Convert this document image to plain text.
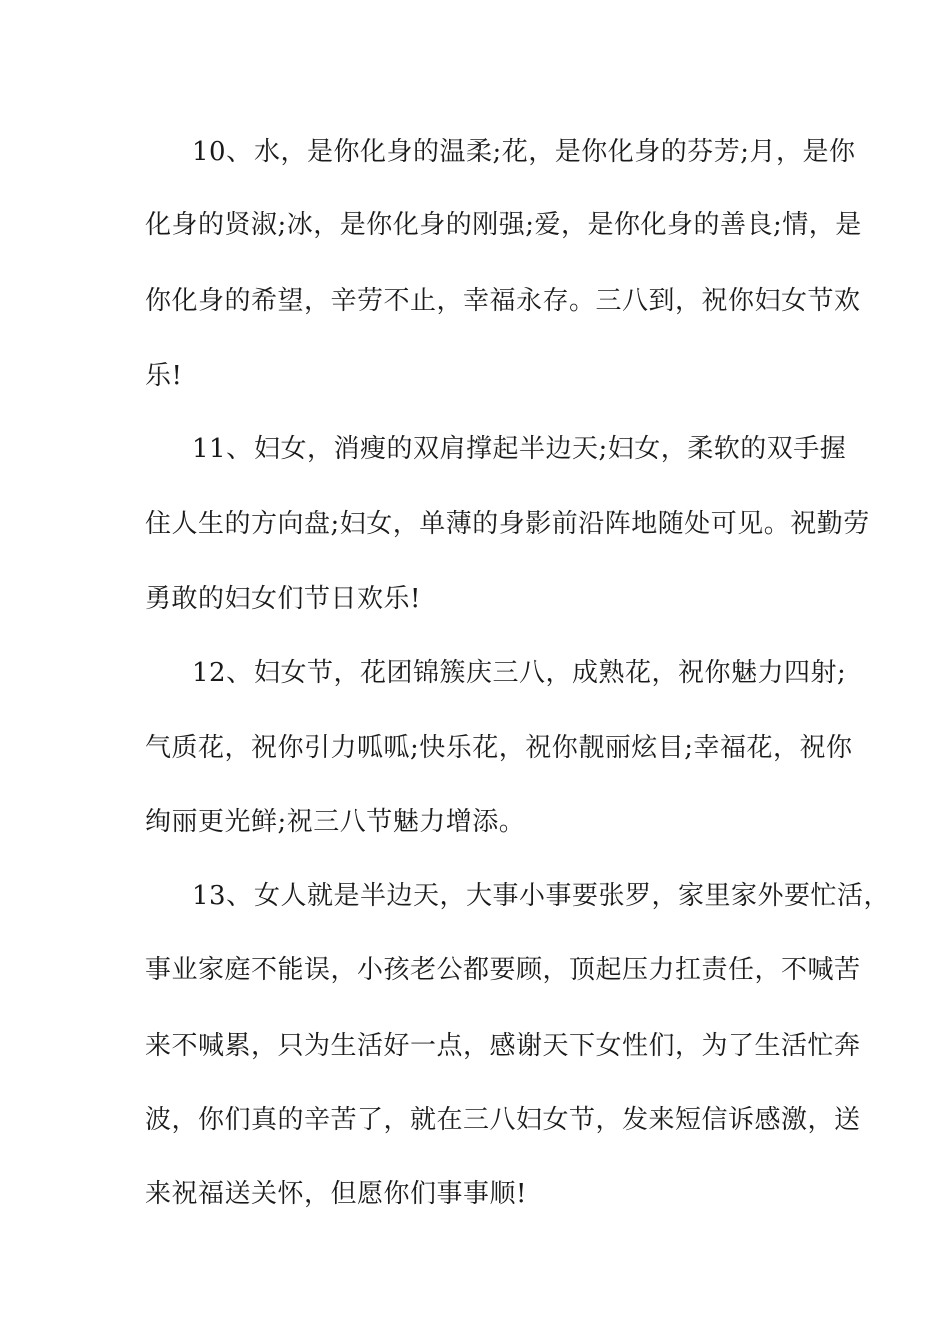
10、水，是你化身的温柔;花，是你化身的芬芳;月，是你
化身的贤淑;冰，是你化身的刚强;爱，是你化身的善良;情，是
你化身的希望，辛劳不止，幸福永存。三八到，祝你妇女节欢
乐!
11、妇女，消瘦的双肩撑起半边天;妇女，柔软的双手握
住人生的方向盘;妇女，单薄的身影前沿阵地随处可见。祝勤劳
勇敢的妇女们节日欢乐!
12、妇女节，花团锦簇庆三八，成熟花，祝你魅力四射;
气质花，祝你引力呱呱;快乐花，祝你靓丽炫目;幸福花，祝你
绚丽更光鲜;祝三八节魅力增添。
13、女人就是半边天，大事小事要张罗，家里家外要忙活，
事业家庭不能误，小孩老公都要顾，顶起压力扛责任，不喊苦
来不喊累，只为生活好一点，感谢天下女性们，为了生活忙奔
波，你们真的辛苦了，就在三八妇女节，发来短信诉感激，送
来祝福送关怀，但愿你们事事顺!
